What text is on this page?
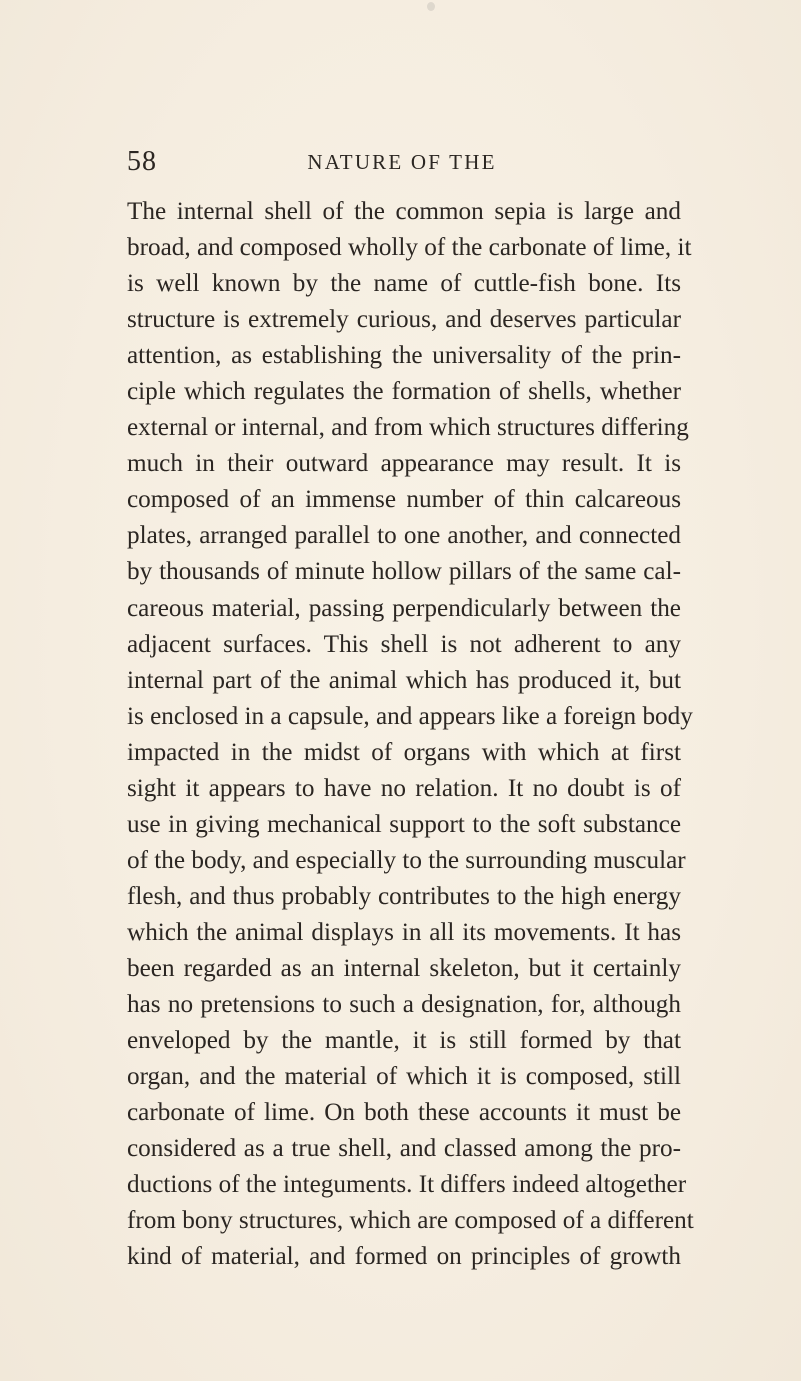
58	NATURE OF THE
The internal shell of the common sepia is large and
broad, and composed wholly of the carbonate of lime, it
is well known by the name of cuttle-fish bone. Its
structure is extremely curious, and deserves particular
attention, as establishing the universality of the prin-
ciple which regulates the formation of shells, whether
external or internal, and from which structures differing
much in their outward appearance may result. It is
composed of an immense number of thin calcareous
plates, arranged parallel to one another, and connected
by thousands of minute hollow pillars of the same cal-
careous material, passing perpendicularly between the
adjacent surfaces. This shell is not adherent to any
internal part of the animal which has produced it, but
is enclosed in a capsule, and appears like a foreign body
impacted in the midst of organs with which at first
sight it appears to have no relation. It no doubt is of
use in giving mechanical support to the soft substance
of the body, and especially to the surrounding muscular
flesh, and thus probably contributes to the high energy
which the animal displays in all its movements. It has
been regarded as an internal skeleton, but it certainly
has no pretensions to such a designation, for, although
enveloped by the mantle, it is still formed by that
organ, and the material of which it is composed, still
carbonate of lime. On both these accounts it must be
considered as a true shell, and classed among the pro-
ductions of the integuments. It differs indeed altogether
from bony structures, which are composed of a different
kind of material, and formed on principles of growth
